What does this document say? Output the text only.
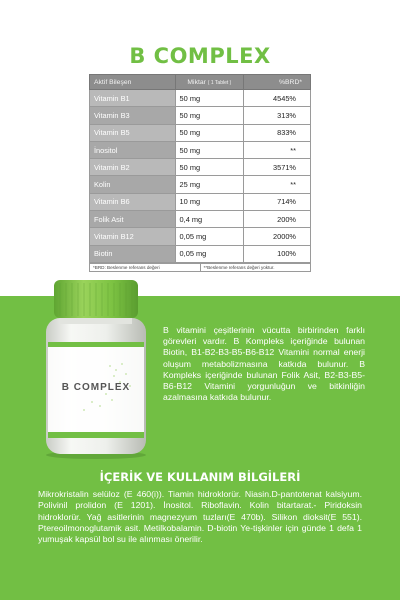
B COMPLEX
Aktif Bileşen	Miktar ( 1 Tablet )	%BRD*
Vitamin B1	50 mg	4545%
Vitamin B3	50 mg	313%
Vitamin B5	50 mg	833%
İnositol	50 mg	**
Vitamin B2	50 mg	3571%
Kolin	25 mg	**
Vitamin B6	10 mg	714%
Folik Asit	0,4 mg	200%
Vitamin B12	0,05 mg	2000%
Biotin	0,05 mg	100%
*BRD: Beslenme referans değeri	**Beslenme referans değeri yoktur.
B COMPLEX
B vitamini çeşitlerinin vücutta birbirinden farklı görevleri vardır. B Kompleks içeriğinde bulunan Biotin, B1-B2-B3-B5-B6-B12 Vitamini normal enerji oluşum metabolizmasına katkıda bulunur. B Kompleks içeriğinde bulunan Folik Asit, B2-B3-B5-B6-B12 Vitamini yorgunluğun ve bitkinliğin azalmasına katkıda bulunur.
İÇERİK VE KULLANIM BİLGİLERİ
Mikrokristalin selüloz (E 460(i)). Tiamin hidroklorür. Niasin.D-pantotenat kalsiyum. Polivinil prolidon (E 1201). İnositol. Riboflavin. Kolin bitartarat.- Piridoksin hidroklorür. Yağ asitlerinin magnezyum tuzları(E 470b). Silikon dioksit(E 551). Ptereoilmonoglutamik asit. Metilkobalamin. D-biotin Ye-tişkinler için günde 1 defa 1 yumuşak kapsül bol su ile alınması önerilir.
